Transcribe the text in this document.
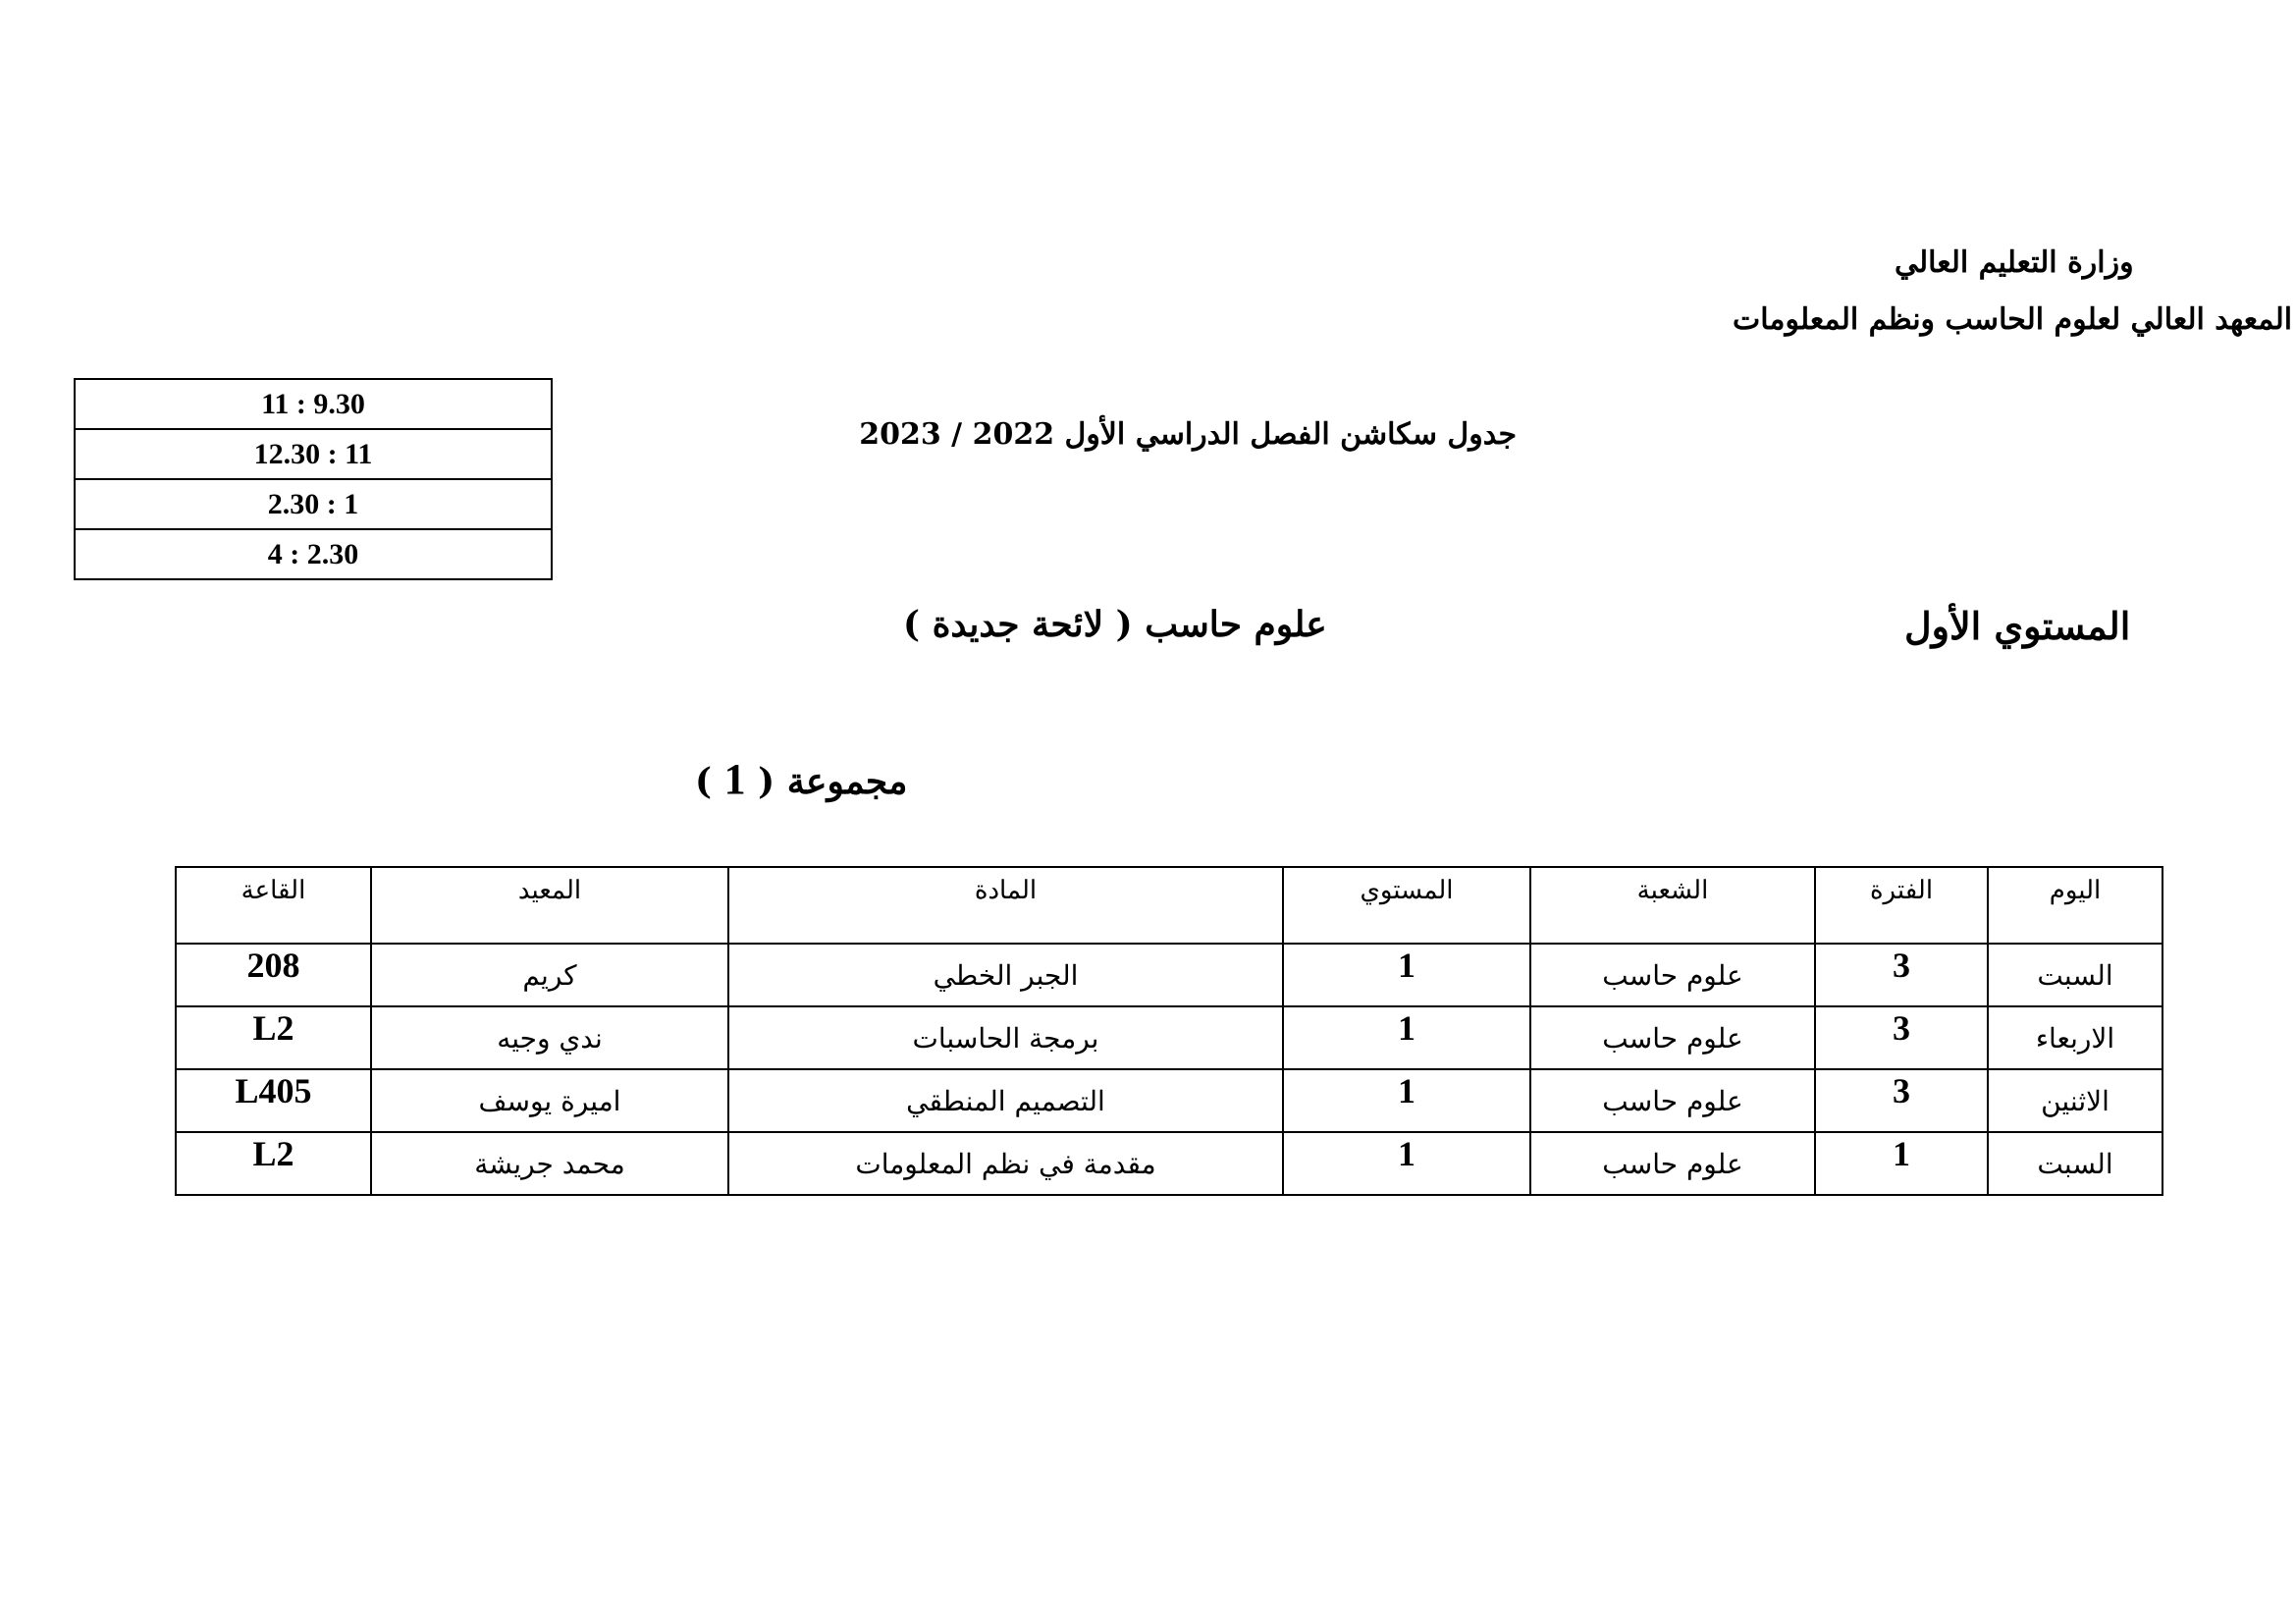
وزارة التعليم العالي
المعهد العالي لعلوم الحاسب ونظم المعلومات
11 : 9.30
12.30 : 11
2.30 : 1
4 : 2.30
جدول سكاشن الفصل الدراسي الأول 2022 / 2023
المستوي الأول
علوم حاسب ( لائحة جديدة )
مجموعة ( 1 )
اليوم	الفترة	الشعبة	المستوي	المادة	المعيد	القاعة
السبت	3	علوم حاسب	1	الجبر الخطي	كريم	208
الاربعاء	3	علوم حاسب	1	برمجة الحاسبات	ندي وجيه	L2
الاثنين	3	علوم حاسب	1	التصميم المنطقي	اميرة يوسف	L405
السبت	1	علوم حاسب	1	مقدمة في نظم المعلومات	محمد جريشة	L2
